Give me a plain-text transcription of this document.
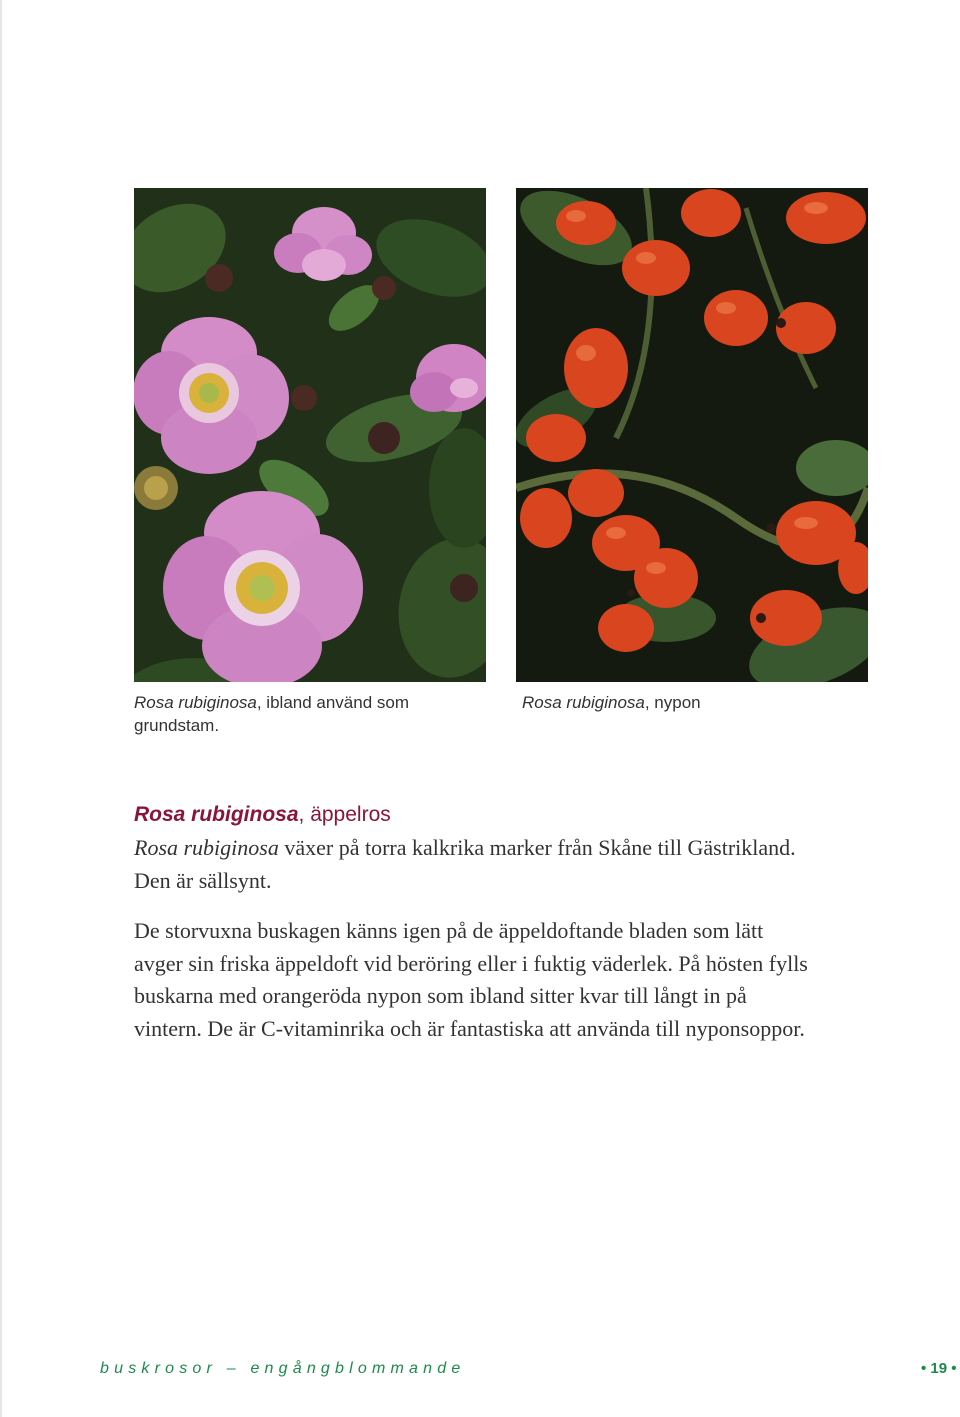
Rosa rubiginosa, ibland använd som grundstam.
Rosa rubiginosa, nypon
Rosa rubiginosa, äppelros
Rosa rubiginosa växer på torra kalkrika marker från Skåne till Gästrikland. Den är sällsynt.
De storvuxna buskagen känns igen på de äppeldoftande bladen som lätt avger sin friska äppeldoft vid beröring eller i fuktig väderlek. På hösten fylls buskarna med orangeröda nypon som ibland sitter kvar till långt in på vintern. De är C-vitaminrika och är fantastiska att använda till nyponsoppor.
buskrosor – engångblommande	• 19 •
